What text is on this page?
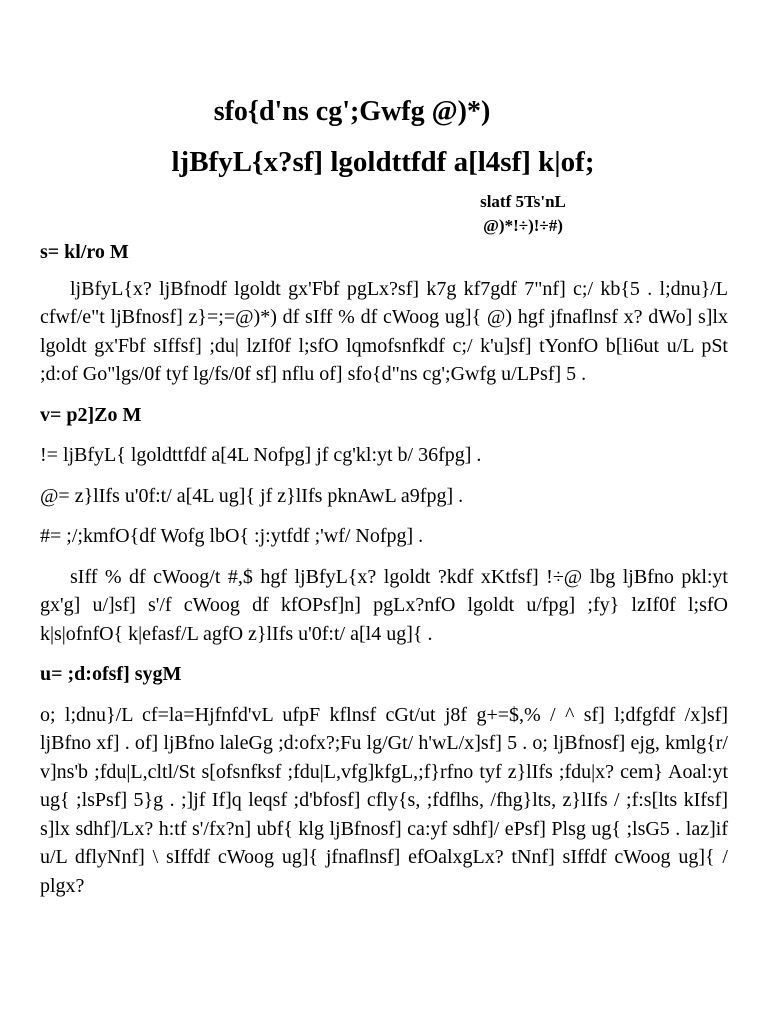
sfo{d'ns cg';Gwfg @)*)
ljBfyL{x?sf] lgoldttfdf a[l4sf] k|of;
slatf 5Ts'nL
@)*!÷)!÷#)

s= kl/ro M

ljBfyL{x? ljBfnodf lgoldt gx'Fbf pgLx?sf] k7g kf7gdf 7"nf] c;/ kb{5 . l;dnu}/L cfwf/e"t ljBfnosf] z}=;=@)*) df sIff % df cWoog ug]{ @) hgf jfnaflnsf x? dWo] s]lx lgoldt gx'Fbf sIffsf] ;du| lzIf0f l;sfO lqmofsnfkdf c;/ k'u]sf] tYonfO b[li6ut u/L pSt ;d:of Go"lgs/0f tyf lg/fs/0f sf] nflu of] sfo{d"ns cg';Gwfg u/LPsf] 5 .

v= p2]Zo M

!= ljBfyL{ lgoldttfdf a[4L Nofpg] jf cg'kl:yt b/ 36fpg] .

@= z}lIfs u'0f:t/ a[4L ug]{ jf z}lIfs pknAwL a9fpg] .

#= ;/;kmfO{df Wofg lbO{ :j:ytfdf ;'wf/ Nofpg] .

sIff % df cWoog/t #,$ hgf ljBfyL{x? lgoldt ?kdf xKtfsf] !÷@ lbg ljBfno pkl:yt gx'g] u/]sf] s'/f cWoog df kfOPsf]n] pgLx?nfO lgoldt u/fpg] ;fy} lzIf0f l;sfO k|s|ofnfO{ k|efasf/L agfO z}lIfs u'0f:t/ a[l4 ug]{ .

u= ;d:ofsf] sygM

o; l;dnu}/L cf=la=Hjfnfd'vL ufpF kflnsf cGt/ut j8f g+=$,% / ^ sf] l;dfgfdf /x]sf] ljBfno xf] . of] ljBfno laleGg ;d:ofx?;Fu lg/Gt/ h'wL/x]sf] 5 . o; ljBfnosf] ejg, kmlg{r/ v]ns'b ;fdu|L,cltl/St s[ofsnfksf ;fdu|L,vfg]kfgL,;f}rfno tyf z}lIfs ;fdu|x? cem} Aoal:yt ug{ ;lsPsf] 5}g . ;]jf If]q leqsf ;d'bfosf] cfly{s, ;fdflhs, /fhg}lts, z}lIfs / ;f:s[lts kIfsf] s]lx sdhf]/Lx? h:tf s'/fx?n] ubf{ klg ljBfnosf] ca:yf sdhf]/ ePsf] Plsg ug{ ;lsG5 . laz]if u/L dflyNnf] \ sIffdf cWoog ug]{ jfnaflnsf] efOalxgLx? tNnf] sIffdf cWoog ug]{ / plgx?
